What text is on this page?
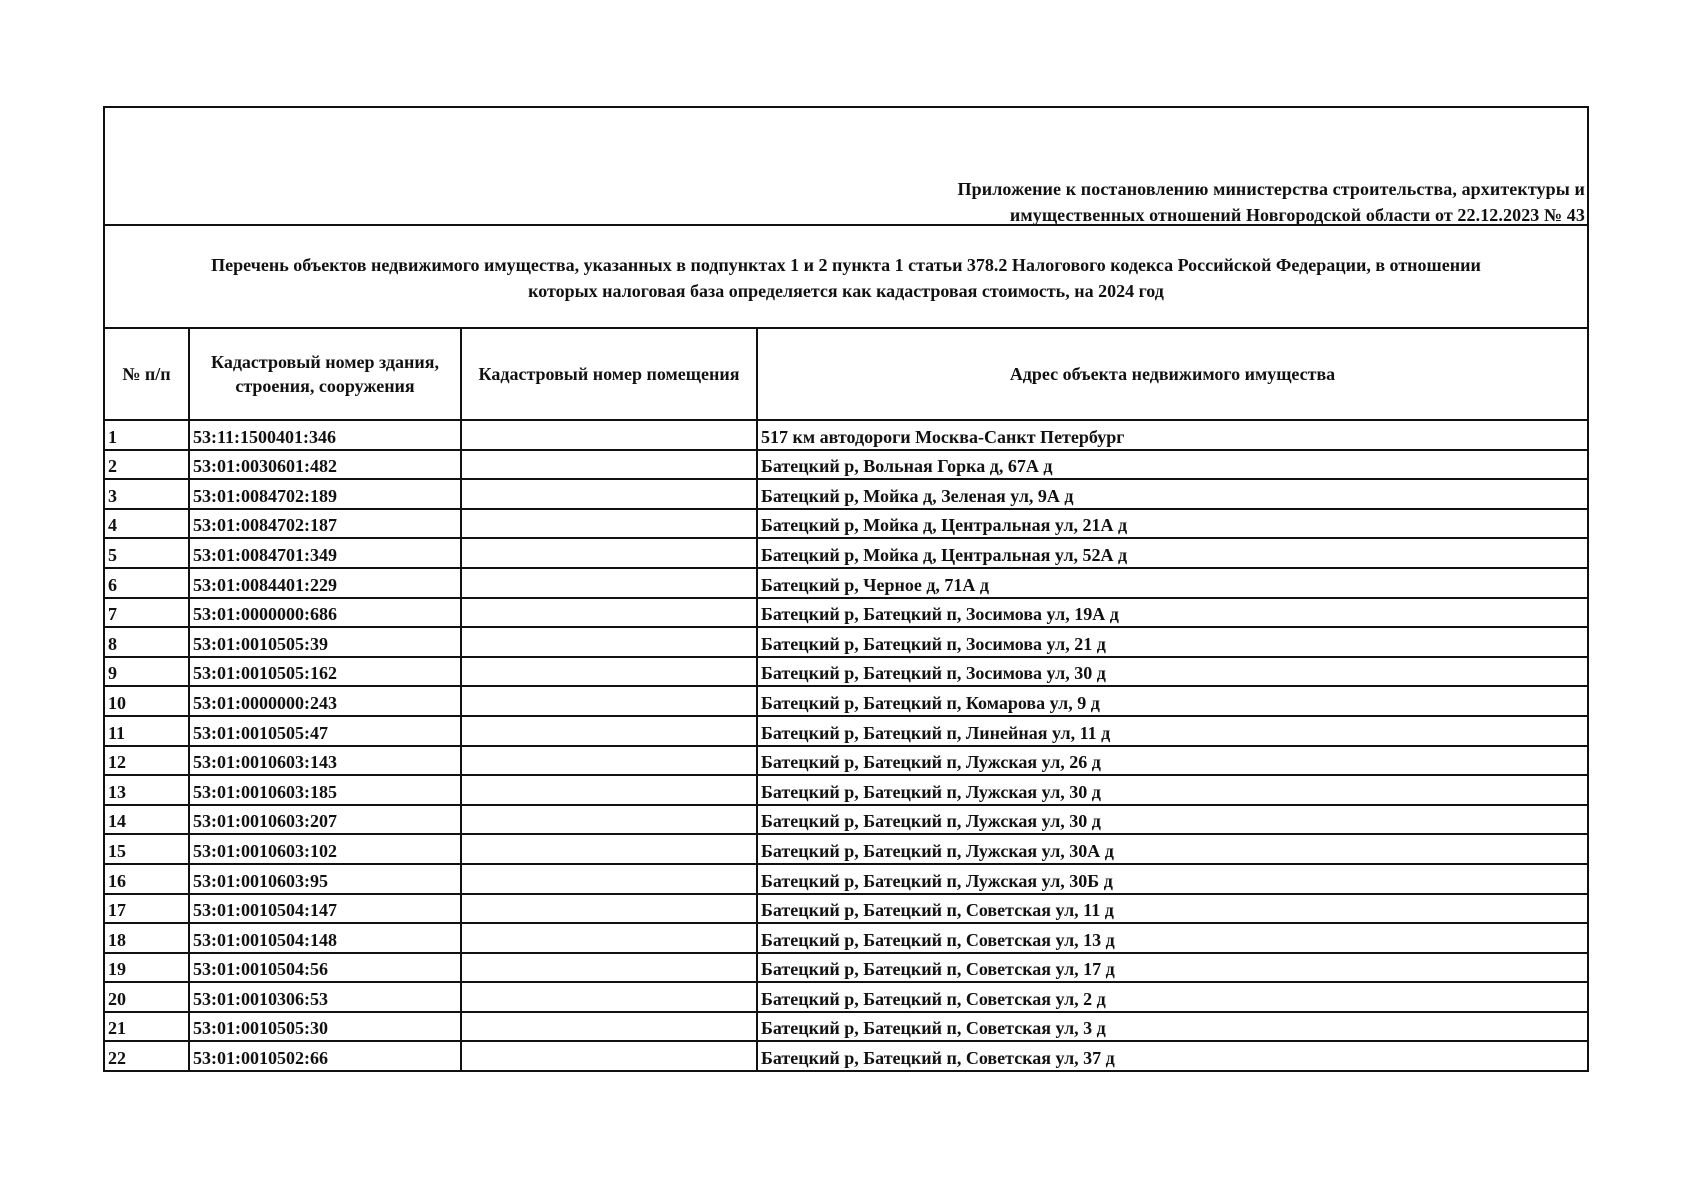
Приложение к постановлению министерства строительства, архитектуры и
имущественных отношений Новгородской области от 22.12.2023 № 43
Перечень объектов недвижимого имущества, указанных в подпунктах 1 и 2 пункта 1 статьи 378.2 Налогового кодекса Российской Федерации, в отношении
которых налоговая база определяется как кадастровая стоимость, на 2024 год
№ п/п	Кадастровый номер здания, строения, сооружения	Кадастровый номер помещения	Адрес объекта недвижимого имущества
1	53:11:1500401:346		517 км автодороги Москва-Санкт Петербург
2	53:01:0030601:482		Батецкий р, Вольная Горка д, 67А д
3	53:01:0084702:189		Батецкий р, Мойка д, Зеленая ул, 9А д
4	53:01:0084702:187		Батецкий р, Мойка д, Центральная ул, 21А д
5	53:01:0084701:349		Батецкий р, Мойка д, Центральная ул, 52А д
6	53:01:0084401:229		Батецкий р, Черное д, 71А д
7	53:01:0000000:686		Батецкий р, Батецкий п, Зосимова ул, 19А д
8	53:01:0010505:39		Батецкий р, Батецкий п, Зосимова ул, 21 д
9	53:01:0010505:162		Батецкий р, Батецкий п, Зосимова ул, 30 д
10	53:01:0000000:243		Батецкий р, Батецкий п, Комарова ул, 9 д
11	53:01:0010505:47		Батецкий р, Батецкий п, Линейная ул, 11 д
12	53:01:0010603:143		Батецкий р, Батецкий п, Лужская ул, 26 д
13	53:01:0010603:185		Батецкий р, Батецкий п, Лужская ул, 30 д
14	53:01:0010603:207		Батецкий р, Батецкий п, Лужская ул, 30 д
15	53:01:0010603:102		Батецкий р, Батецкий п, Лужская ул, 30А д
16	53:01:0010603:95		Батецкий р, Батецкий п, Лужская ул, 30Б д
17	53:01:0010504:147		Батецкий р, Батецкий п, Советская ул, 11 д
18	53:01:0010504:148		Батецкий р, Батецкий п, Советская ул, 13 д
19	53:01:0010504:56		Батецкий р, Батецкий п, Советская ул, 17 д
20	53:01:0010306:53		Батецкий р, Батецкий п, Советская ул, 2 д
21	53:01:0010505:30		Батецкий р, Батецкий п, Советская ул, 3 д
22	53:01:0010502:66		Батецкий р, Батецкий п, Советская ул, 37 д
